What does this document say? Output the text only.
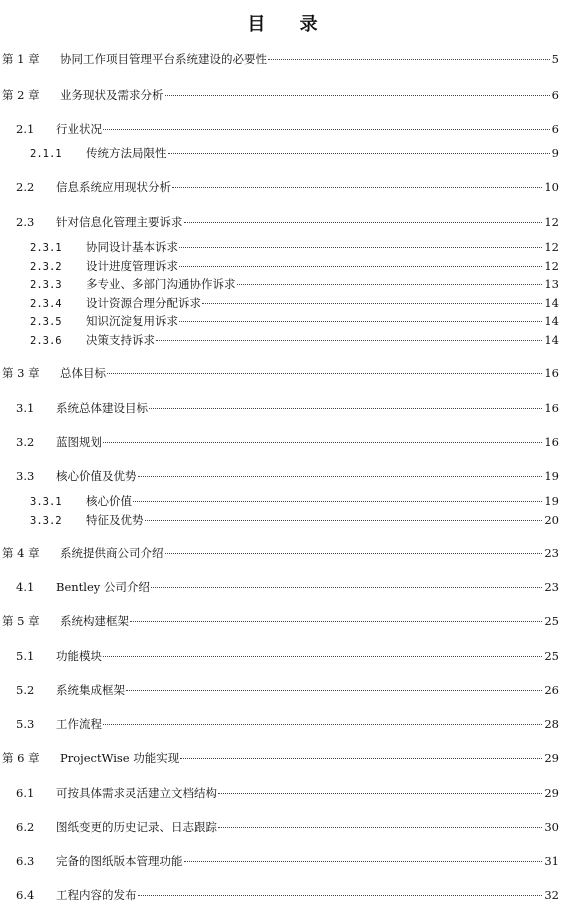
目 录
第 1 章	协同工作项目管理平台系统建设的必要性	5
第 2 章	业务现状及需求分析	6
2.1	行业状况	6
2.1.1	传统方法局限性	9
2.2	信息系统应用现状分析	10
2.3	针对信息化管理主要诉求	12
2.3.1	协同设计基本诉求	12
2.3.2	设计进度管理诉求	12
2.3.3	多专业、多部门沟通协作诉求	13
2.3.4	设计资源合理分配诉求	14
2.3.5	知识沉淀复用诉求	14
2.3.6	决策支持诉求	14
第 3 章	总体目标	16
3.1	系统总体建设目标	16
3.2	蓝图规划	16
3.3	核心价值及优势	19
3.3.1	核心价值	19
3.3.2	特征及优势	20
第 4 章	系统提供商公司介绍	23
4.1	Bentley 公司介绍	23
第 5 章	系统构建框架	25
5.1	功能模块	25
5.2	系统集成框架	26
5.3	工作流程	28
第 6 章	ProjectWise 功能实现	29
6.1	可按具体需求灵活建立文档结构	29
6.2	图纸变更的历史记录、日志跟踪	30
6.3	完备的图纸版本管理功能	31
6.4	工程内容的发布	32
